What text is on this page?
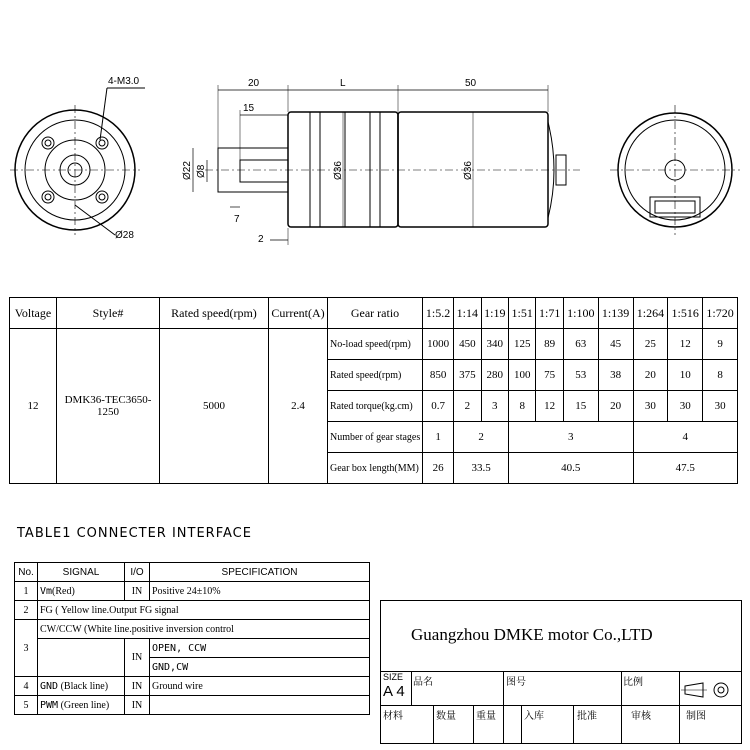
4-M3.0
Ø28
20	L	50
15
Ø22 Ø8	Ø36	Ø36
7
2
Voltage	Style#	Rated speed(rpm)	Current(A)	Gear ratio	1:5.2	1:14	1:19	1:51	1:71	1:100	1:139	1:264	1:516	1:720
12	DMK36-TEC3650-1250	5000	2.4	No-load speed(rpm)	1000	450	340	125	89	63	45	25	12	9
				Rated speed(rpm)	850	375	280	100	75	53	38	20	10	8
				Rated torque(kg.cm)	0.7	2	3	8	12	15	20	30	30	30
				Number of gear stages	1	2		3				4		
				Gear box length(MM)	26	33.5		40.5				47.5		
TABLE1 CONNECTER INTERFACE
No.	SIGNAL	I/O	SPECIFICATION
1	Vm(Red)	IN	Positive 24±10%
2	FG ( Yellow line.Output FG signal		
3	CW/CCW (White line.positive inversion control		
		IN	OPEN, CCW
			GND,CW
4	GND (Black line)	IN	Ground wire
5	PWM (Green line)	IN	
Guangzhou DMKE motor Co.,LTD
SIZE
A 4
品名	图号	比例
材料	数量 重量	入库	批准	审核	制图
